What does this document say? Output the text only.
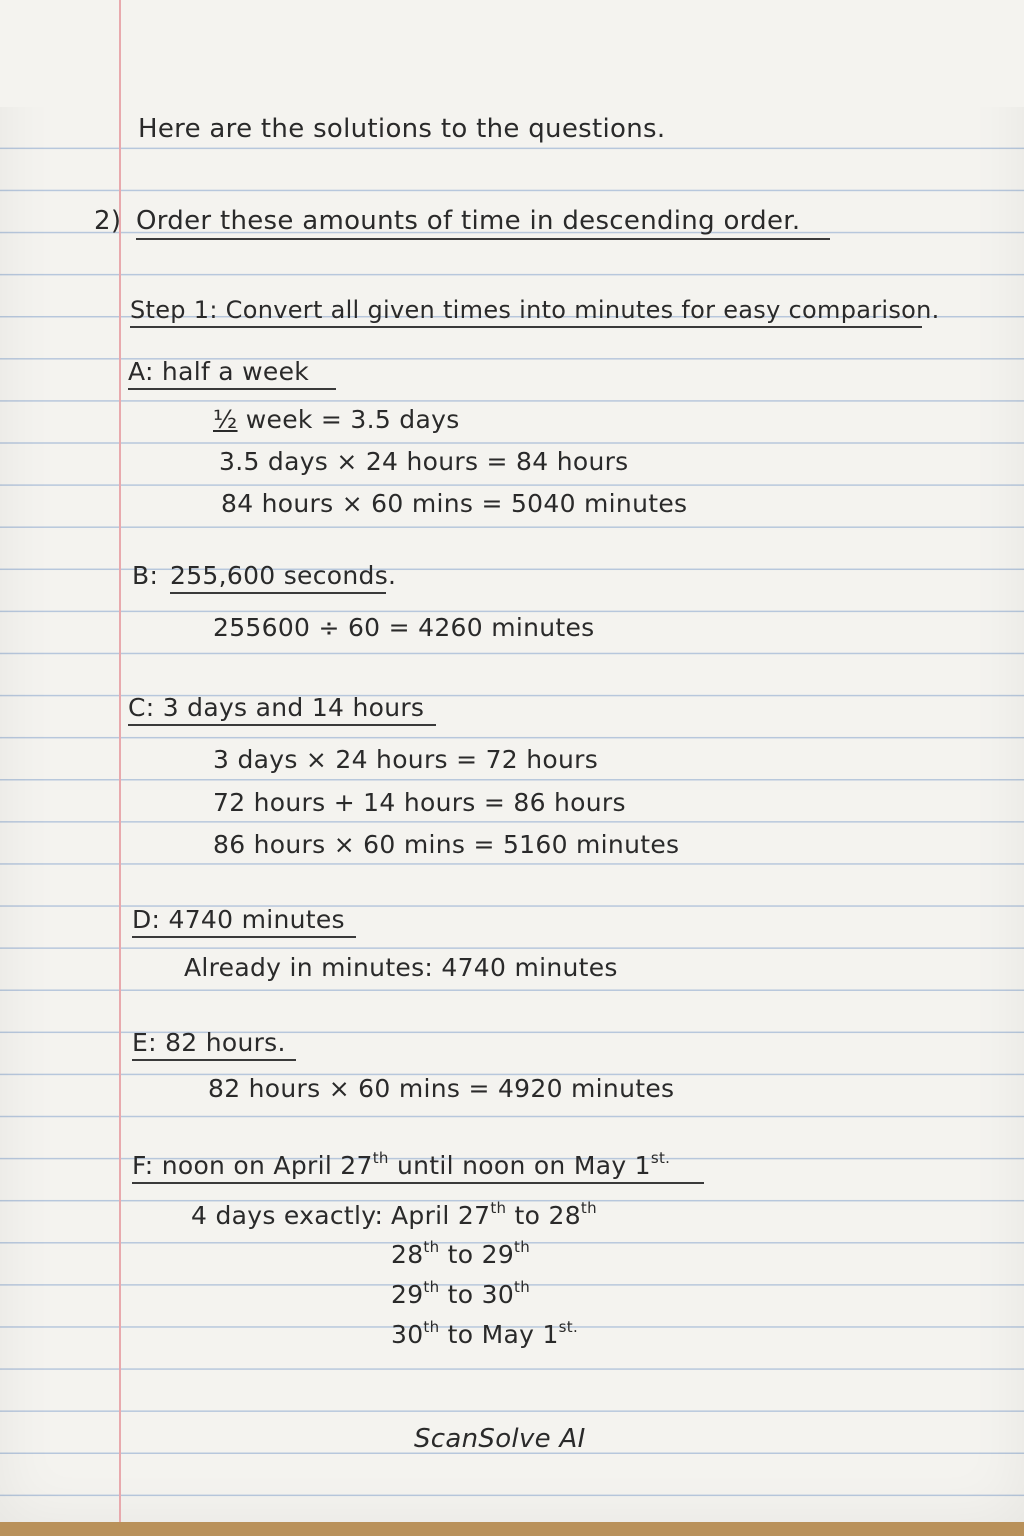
Here are the solutions to the questions.
2) Order these amounts of time in descending order.
Step 1: Convert all given times into minutes for easy comparison.
A: half a week
½ week = 3.5 days
3.5 days × 24 hours = 84 hours
84 hours × 60 mins = 5040 minutes
B: 255,600 seconds.
255600 ÷ 60 = 4260 minutes
C: 3 days and 14 hours
3 days × 24 hours = 72 hours
72 hours + 14 hours = 86 hours
86 hours × 60 mins = 5160 minutes
D: 4740 minutes
Already in minutes: 4740 minutes
E: 82 hours.
82 hours × 60 mins = 4920 minutes
F: noon on April 27th until noon on May $1^{st.}$
4 days exactly: April 27th to 28th
28th to 29th
29th to 30th
30th to May $1^{st.}$
ScanSolve AI
